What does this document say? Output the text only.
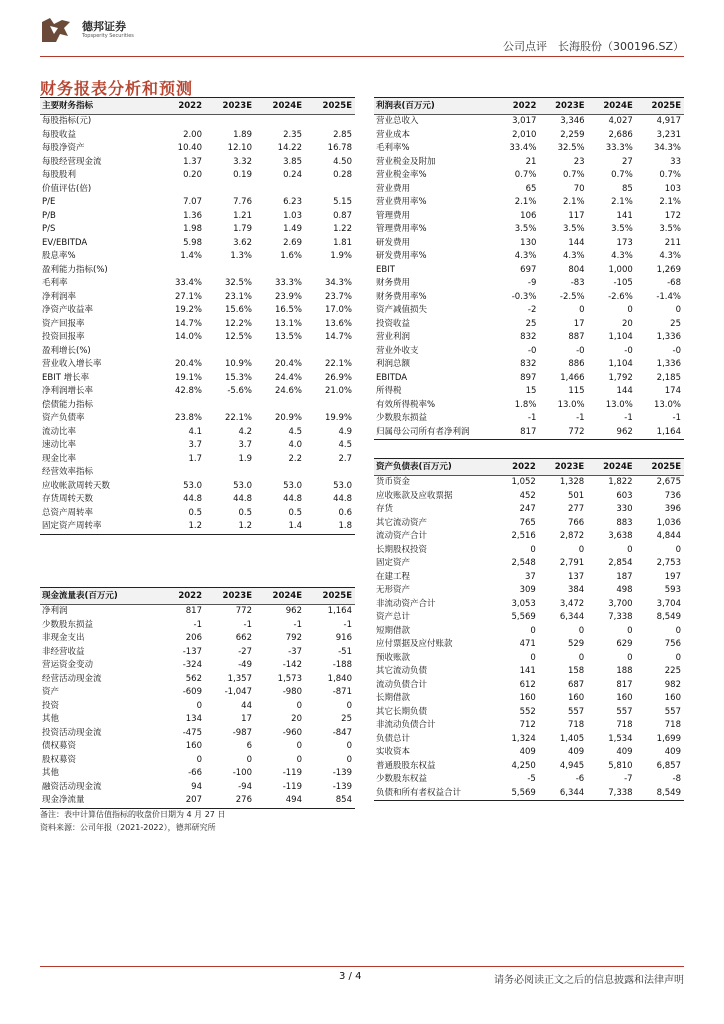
德邦证券
Topsperity Securities
公司点评　长海股份（300196.SZ）
财务报表分析和预测
主要财务指标	2022	2023E	2024E	2025E
每股指标(元)				
每股收益	2.00	1.89	2.35	2.85
每股净资产	10.40	12.10	14.22	16.78
每股经营现金流	1.37	3.32	3.85	4.50
每股股利	0.20	0.19	0.24	0.28
价值评估(倍)				
P/E	7.07	7.76	6.23	5.15
P/B	1.36	1.21	1.03	0.87
P/S	1.98	1.79	1.49	1.22
EV/EBITDA	5.98	3.62	2.69	1.81
股息率%	1.4%	1.3%	1.6%	1.9%
盈利能力指标(%)				
毛利率	33.4%	32.5%	33.3%	34.3%
净利润率	27.1%	23.1%	23.9%	23.7%
净资产收益率	19.2%	15.6%	16.5%	17.0%
资产回报率	14.7%	12.2%	13.1%	13.6%
投资回报率	14.0%	12.5%	13.5%	14.7%
盈利增长(%)				
营业收入增长率	20.4%	10.9%	20.4%	22.1%
EBIT 增长率	19.1%	15.3%	24.4%	26.9%
净利润增长率	42.8%	-5.6%	24.6%	21.0%
偿债能力指标				
资产负债率	23.8%	22.1%	20.9%	19.9%
流动比率	4.1	4.2	4.5	4.9
速动比率	3.7	3.7	4.0	4.5
现金比率	1.7	1.9	2.2	2.7
经营效率指标				
应收帐款周转天数	53.0	53.0	53.0	53.0
存货周转天数	44.8	44.8	44.8	44.8
总资产周转率	0.5	0.5	0.5	0.6
固定资产周转率	1.2	1.2	1.4	1.8
利润表(百万元)	2022	2023E	2024E	2025E
营业总收入	3,017	3,346	4,027	4,917
营业成本	2,010	2,259	2,686	3,231
毛利率%	33.4%	32.5%	33.3%	34.3%
营业税金及附加	21	23	27	33
营业税金率%	0.7%	0.7%	0.7%	0.7%
营业费用	65	70	85	103
营业费用率%	2.1%	2.1%	2.1%	2.1%
管理费用	106	117	141	172
管理费用率%	3.5%	3.5%	3.5%	3.5%
研发费用	130	144	173	211
研发费用率%	4.3%	4.3%	4.3%	4.3%
EBIT	697	804	1,000	1,269
财务费用	-9	-83	-105	-68
财务费用率%	-0.3%	-2.5%	-2.6%	-1.4%
资产减值损失	-2	0	0	0
投资收益	25	17	20	25
营业利润	832	887	1,104	1,336
营业外收支	-0	-0	-0	-0
利润总额	832	886	1,104	1,336
EBITDA	897	1,466	1,792	2,185
所得税	15	115	144	174
有效所得税率%	1.8%	13.0%	13.0%	13.0%
少数股东损益	-1	-1	-1	-1
归属母公司所有者净利润	817	772	962	1,164
资产负债表(百万元)	2022	2023E	2024E	2025E
货币资金	1,052	1,328	1,822	2,675
应收账款及应收票据	452	501	603	736
存货	247	277	330	396
其它流动资产	765	766	883	1,036
流动资产合计	2,516	2,872	3,638	4,844
长期股权投资	0	0	0	0
固定资产	2,548	2,791	2,854	2,753
在建工程	37	137	187	197
无形资产	309	384	498	593
非流动资产合计	3,053	3,472	3,700	3,704
资产总计	5,569	6,344	7,338	8,549
短期借款	0	0	0	0
应付票据及应付账款	471	529	629	756
预收账款	0	0	0	0
其它流动负债	141	158	188	225
流动负债合计	612	687	817	982
长期借款	160	160	160	160
其它长期负债	552	557	557	557
非流动负债合计	712	718	718	718
负债总计	1,324	1,405	1,534	1,699
实收资本	409	409	409	409
普通股股东权益	4,250	4,945	5,810	6,857
少数股东权益	-5	-6	-7	-8
负债和所有者权益合计	5,569	6,344	7,338	8,549
现金流量表(百万元)	2022	2023E	2024E	2025E
净利润	817	772	962	1,164
少数股东损益	-1	-1	-1	-1
非现金支出	206	662	792	916
非经营收益	-137	-27	-37	-51
营运资金变动	-324	-49	-142	-188
经营活动现金流	562	1,357	1,573	1,840
资产	-609	-1,047	-980	-871
投资	0	44	0	0
其他	134	17	20	25
投资活动现金流	-475	-987	-960	-847
债权募资	160	6	0	0
股权募资	0	0	0	0
其他	-66	-100	-119	-139
融资活动现金流	94	-94	-119	-139
现金净流量	207	276	494	854
备注：表中计算估值指标的收盘价日期为 4 月 27 日
资料来源：公司年报（2021-2022），德邦研究所
3 / 4	请务必阅读正文之后的信息披露和法律声明
